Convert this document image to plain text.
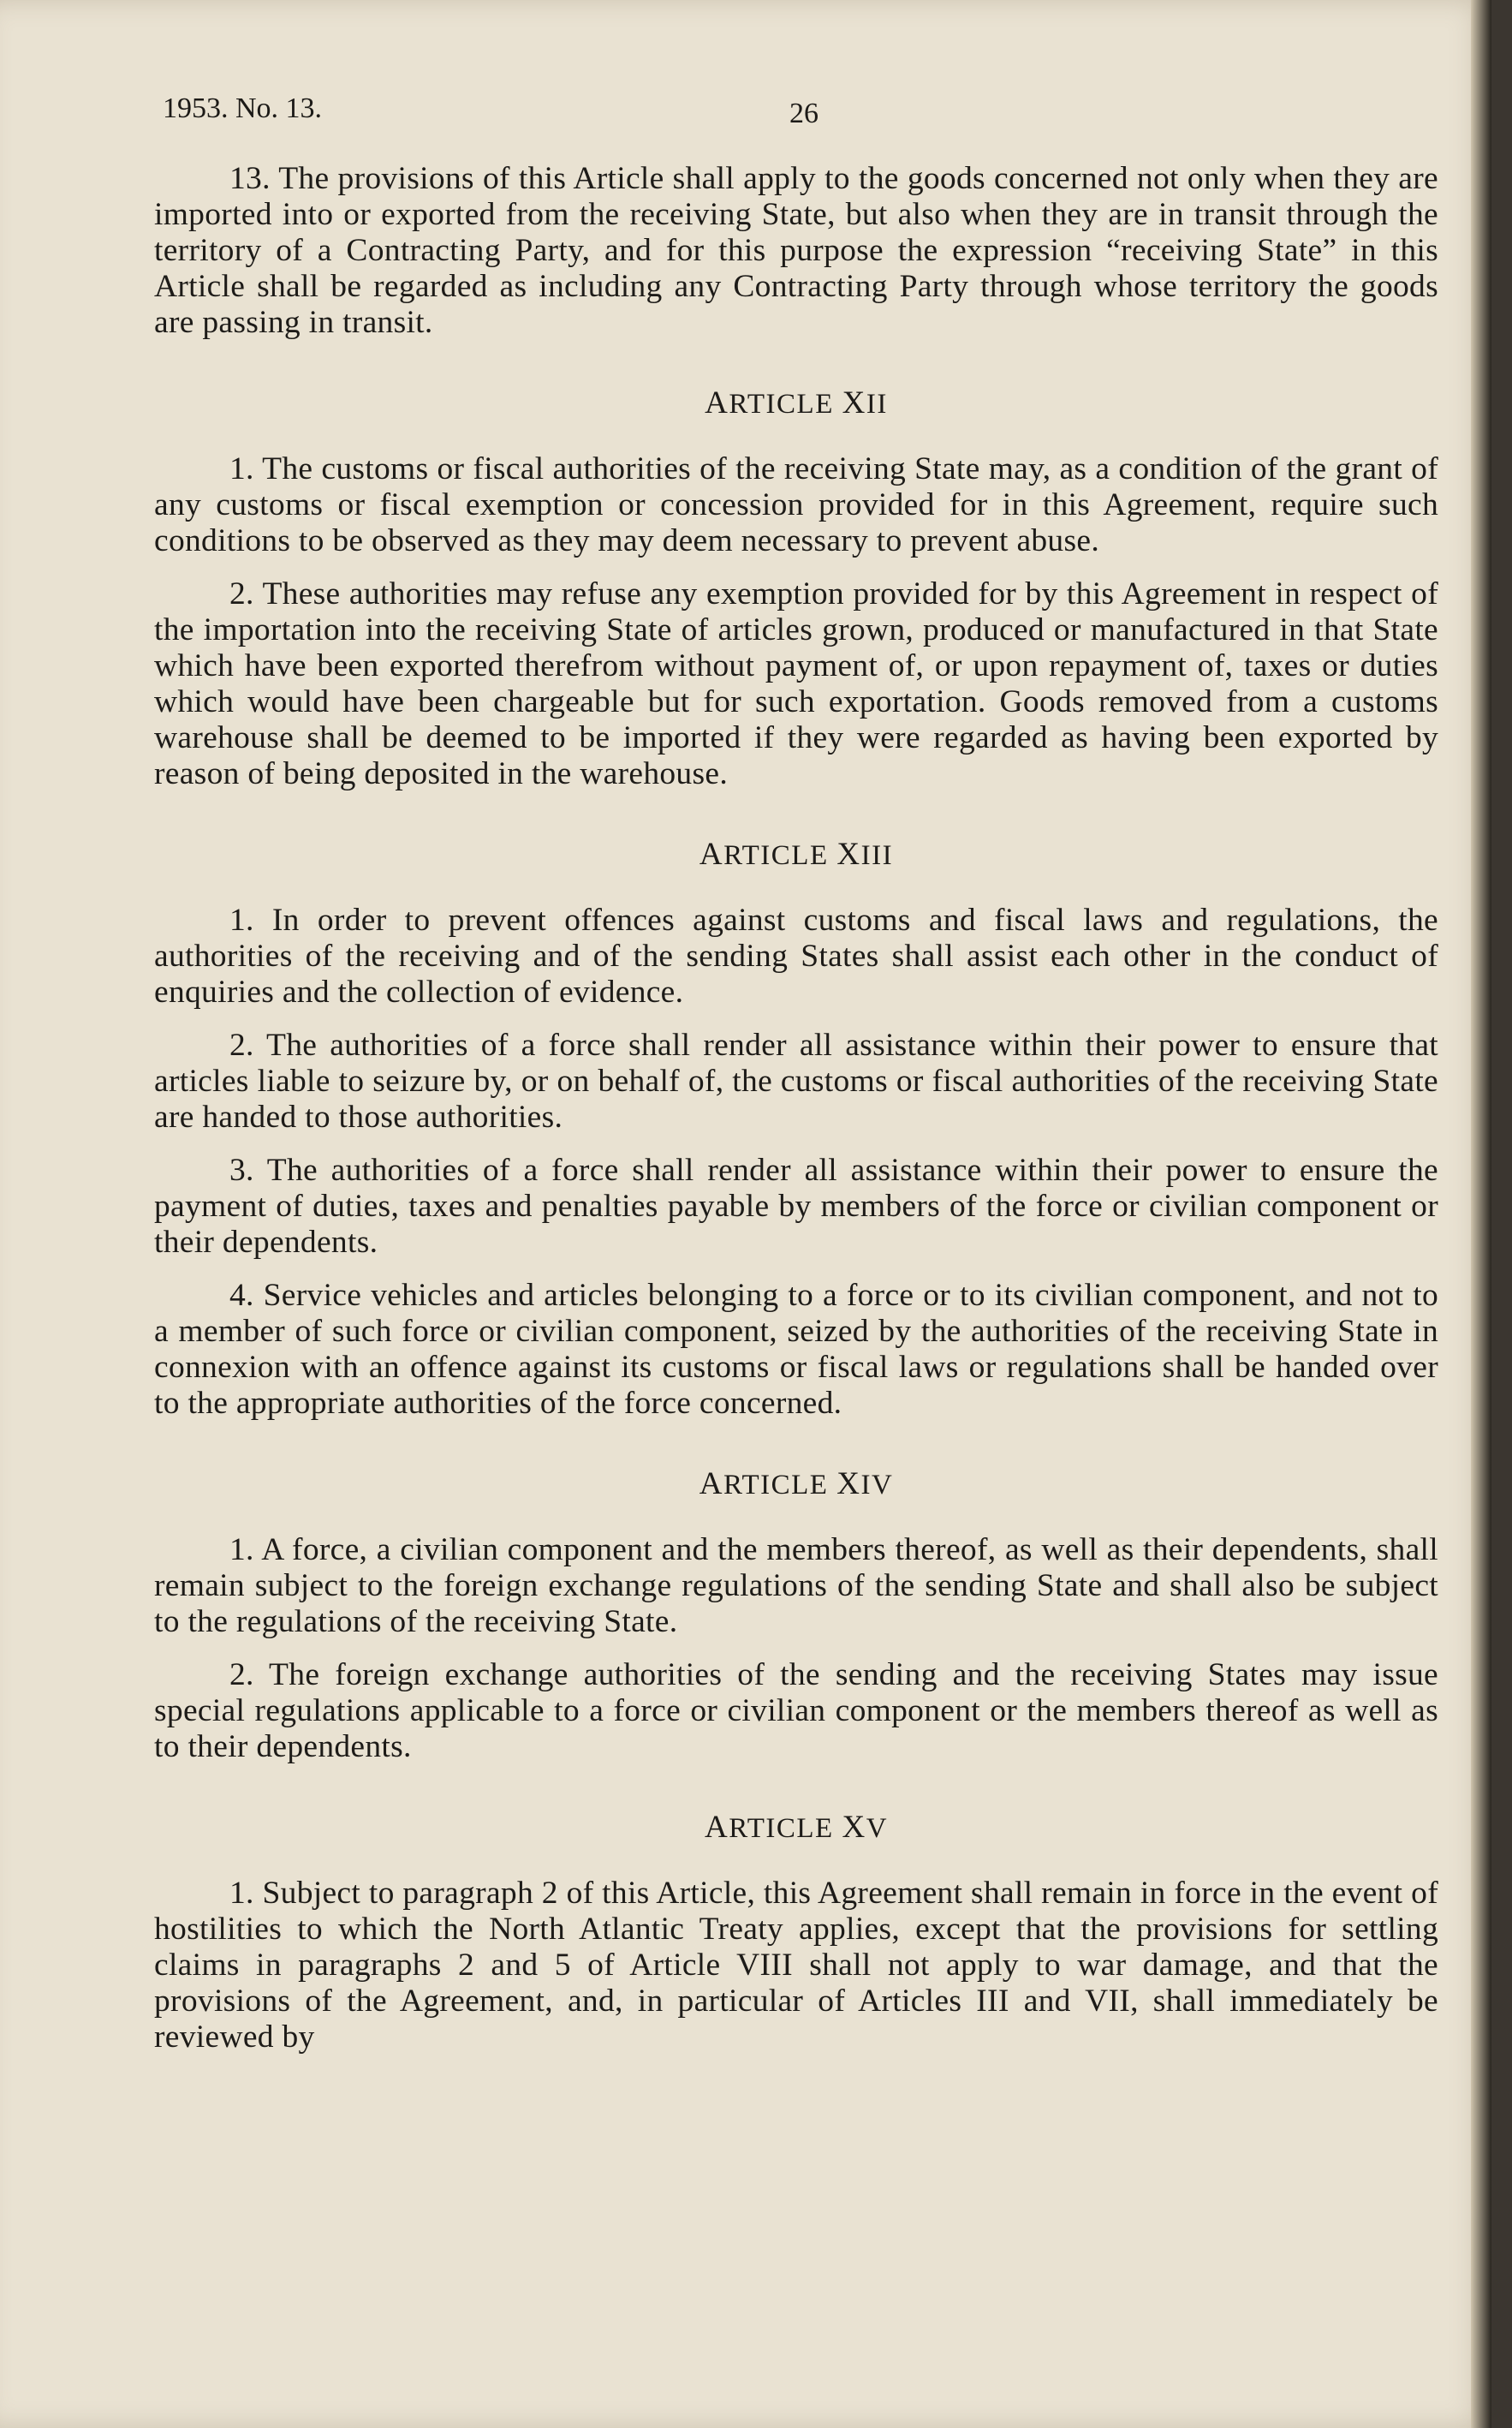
1953. No. 13.	26

13. The provisions of this Article shall apply to the goods concerned not only when they are imported into or exported from the receiving State, but also when they are in transit through the territory of a Contracting Party, and for this purpose the expression “receiving State” in this Article shall be regarded as including any Contracting Party through whose territory the goods are passing in transit.

ARTICLE XII

1. The customs or fiscal authorities of the receiving State may, as a condition of the grant of any customs or fiscal exemption or concession provided for in this Agreement, require such conditions to be observed as they may deem necessary to prevent abuse.

2. These authorities may refuse any exemption provided for by this Agreement in respect of the importation into the receiving State of articles grown, produced or manufactured in that State which have been exported therefrom without payment of, or upon repayment of, taxes or duties which would have been chargeable but for such exportation. Goods removed from a customs warehouse shall be deemed to be imported if they were regarded as having been exported by reason of being deposited in the warehouse.

ARTICLE XIII

1. In order to prevent offences against customs and fiscal laws and regulations, the authorities of the receiving and of the sending States shall assist each other in the conduct of enquiries and the collection of evidence.

2. The authorities of a force shall render all assistance within their power to ensure that articles liable to seizure by, or on behalf of, the customs or fiscal authorities of the receiving State are handed to those authorities.

3. The authorities of a force shall render all assistance within their power to ensure the payment of duties, taxes and penalties payable by members of the force or civilian component or their dependents.

4. Service vehicles and articles belonging to a force or to its civilian component, and not to a member of such force or civilian component, seized by the authorities of the receiving State in connexion with an offence against its customs or fiscal laws or regulations shall be handed over to the appropriate authorities of the force concerned.

ARTICLE XIV

1. A force, a civilian component and the members thereof, as well as their dependents, shall remain subject to the foreign exchange regulations of the sending State and shall also be subject to the regulations of the receiving State.

2. The foreign exchange authorities of the sending and the receiving States may issue special regulations applicable to a force or civilian component or the members thereof as well as to their dependents.

ARTICLE XV

1. Subject to paragraph 2 of this Article, this Agreement shall remain in force in the event of hostilities to which the North Atlantic Treaty applies, except that the provisions for settling claims in paragraphs 2 and 5 of Article VIII shall not apply to war damage, and that the provisions of the Agreement, and, in particular of Articles III and VII, shall immediately be reviewed by
